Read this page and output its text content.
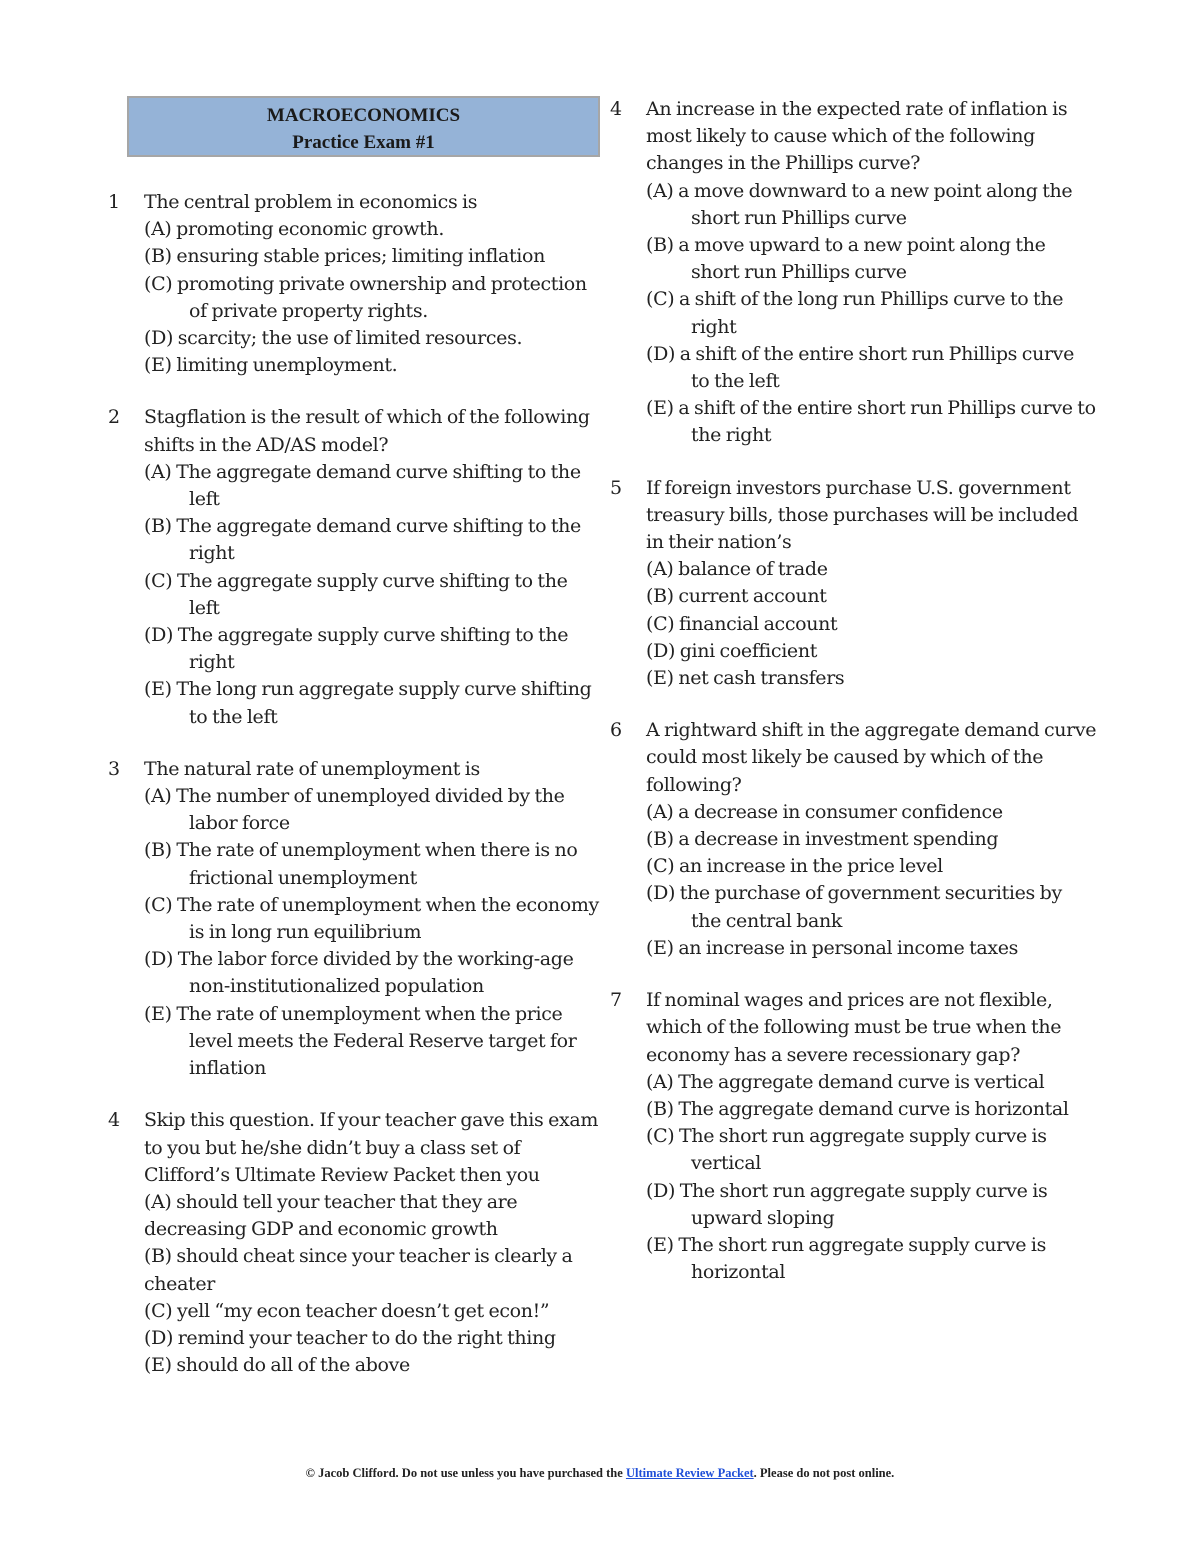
MACROECONOMICS
Practice Exam #1
1	The central problem in economics is
(A) promoting economic growth.
(B) ensuring stable prices; limiting inflation
(C) promoting private ownership and protection of private property rights.
(D) scarcity; the use of limited resources.
(E) limiting unemployment.
2	Stagflation is the result of which of the following shifts in the AD/AS model?
(A) The aggregate demand curve shifting to the left
(B) The aggregate demand curve shifting to the right
(C) The aggregate supply curve shifting to the left
(D) The aggregate supply curve shifting to the right
(E) The long run aggregate supply curve shifting to the left
3	The natural rate of unemployment is
(A) The number of unemployed divided by the labor force
(B) The rate of unemployment when there is no frictional unemployment
(C) The rate of unemployment when the economy is in long run equilibrium
(D) The labor force divided by the working-age non-institutionalized population
(E) The rate of unemployment when the price level meets the Federal Reserve target for inflation
4	Skip this question. If your teacher gave this exam to you but he/she didn’t buy a class set of Clifford’s Ultimate Review Packet then you
(A) should tell your teacher that they are decreasing GDP and economic growth
(B) should cheat since your teacher is clearly a cheater
(C) yell “my econ teacher doesn’t get econ!”
(D) remind your teacher to do the right thing
(E) should do all of the above
4	An increase in the expected rate of inflation is most likely to cause which of the following changes in the Phillips curve?
(A) a move downward to a new point along the short run Phillips curve
(B) a move upward to a new point along the short run Phillips curve
(C) a shift of the long run Phillips curve to the right
(D) a shift of the entire short run Phillips curve to the left
(E) a shift of the entire short run Phillips curve to the right
5	If foreign investors purchase U.S. government treasury bills, those purchases will be included in their nation’s
(A) balance of trade
(B) current account
(C) financial account
(D) gini coefficient
(E) net cash transfers
6	A rightward shift in the aggregate demand curve could most likely be caused by which of the following?
(A) a decrease in consumer confidence
(B) a decrease in investment spending
(C) an increase in the price level
(D) the purchase of government securities by the central bank
(E) an increase in personal income taxes
7	If nominal wages and prices are not flexible, which of the following must be true when the economy has a severe recessionary gap?
(A) The aggregate demand curve is vertical
(B) The aggregate demand curve is horizontal
(C) The short run aggregate supply curve is vertical
(D) The short run aggregate supply curve is upward sloping
(E) The short run aggregate supply curve is horizontal
© Jacob Clifford. Do not use unless you have purchased the Ultimate Review Packet. Please do not post online.
